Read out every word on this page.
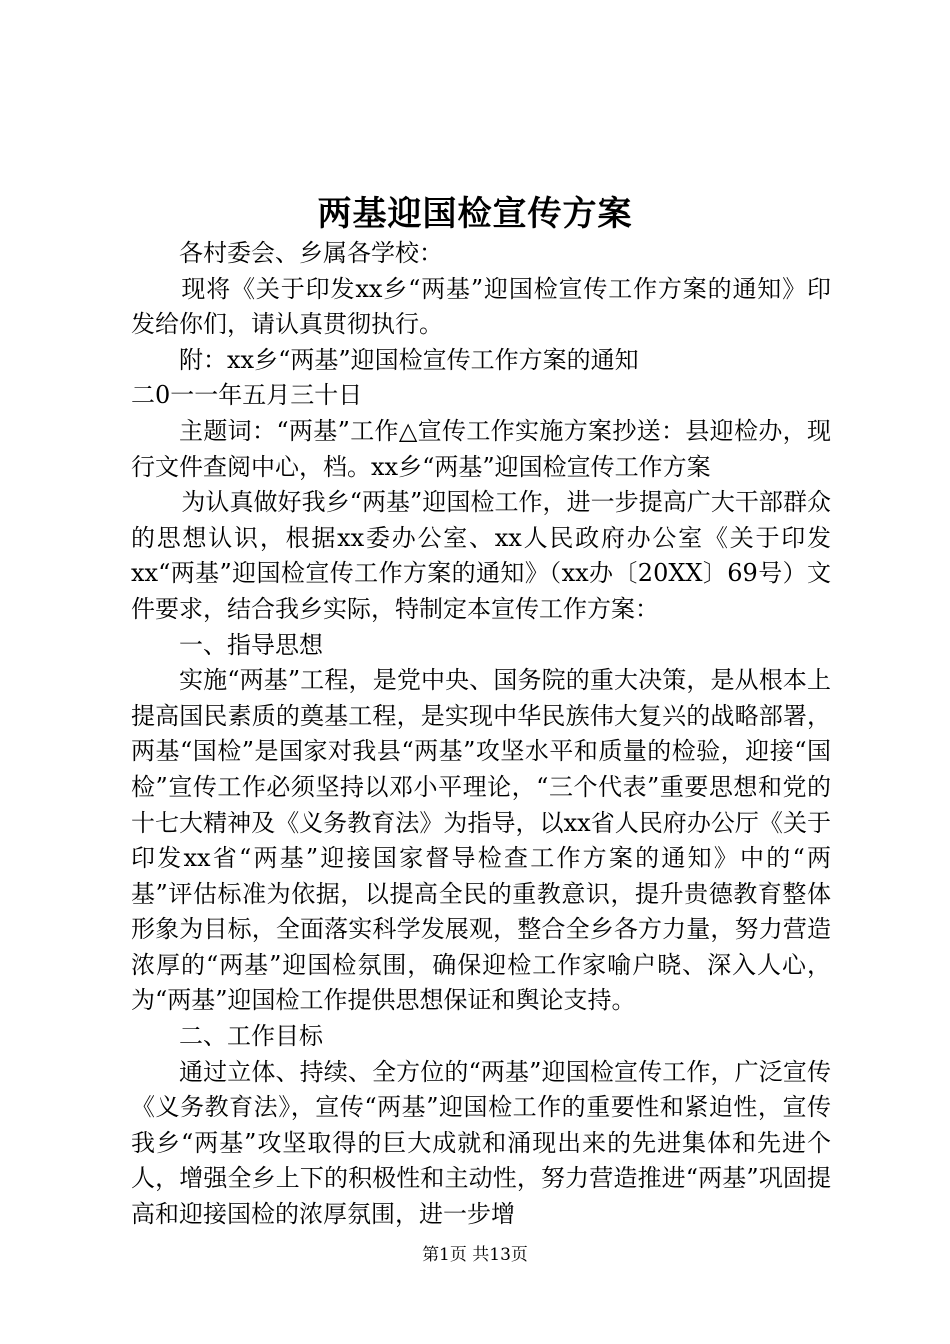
两基迎国检宣传方案

各村委会、乡属各学校：

现将《关于印发xx乡“两基”迎国检宣传工作方案的通知》印发给你们，请认真贯彻执行。

附：xx乡“两基”迎国检宣传工作方案的通知

二0一一年五月三十日

主题词：“两基”工作△宣传工作实施方案抄送：县迎检办，现行文件查阅中心，档。xx乡“两基”迎国检宣传工作方案

为认真做好我乡“两基”迎国检工作，进一步提高广大干部群众的思想认识，根据xx委办公室、xx人民政府办公室《关于印发xx“两基”迎国检宣传工作方案的通知》（xx办〔20XX〕69号）文件要求，结合我乡实际，特制定本宣传工作方案：

一、指导思想

实施“两基”工程，是党中央、国务院的重大决策，是从根本上提高国民素质的奠基工程，是实现中华民族伟大复兴的战略部署，两基“国检”是国家对我县“两基”攻坚水平和质量的检验，迎接“国检”宣传工作必须坚持以邓小平理论，“三个代表”重要思想和党的十七大精神及《义务教育法》为指导，以xx省人民府办公厅《关于印发xx省“两基”迎接国家督导检查工作方案的通知》中的“两基”评估标准为依据，以提高全民的重教意识，提升贵德教育整体形象为目标，全面落实科学发展观，整合全乡各方力量，努力营造浓厚的“两基”迎国检氛围，确保迎检工作家喻户晓、深入人心，为“两基”迎国检工作提供思想保证和舆论支持。

二、工作目标

通过立体、持续、全方位的“两基”迎国检宣传工作，广泛宣传《义务教育法》，宣传“两基”迎国检工作的重要性和紧迫性，宣传我乡“两基”攻坚取得的巨大成就和涌现出来的先进集体和先进个人，增强全乡上下的积极性和主动性，努力营造推进“两基”巩固提高和迎接国检的浓厚氛围，进一步增

第1页 共13页
